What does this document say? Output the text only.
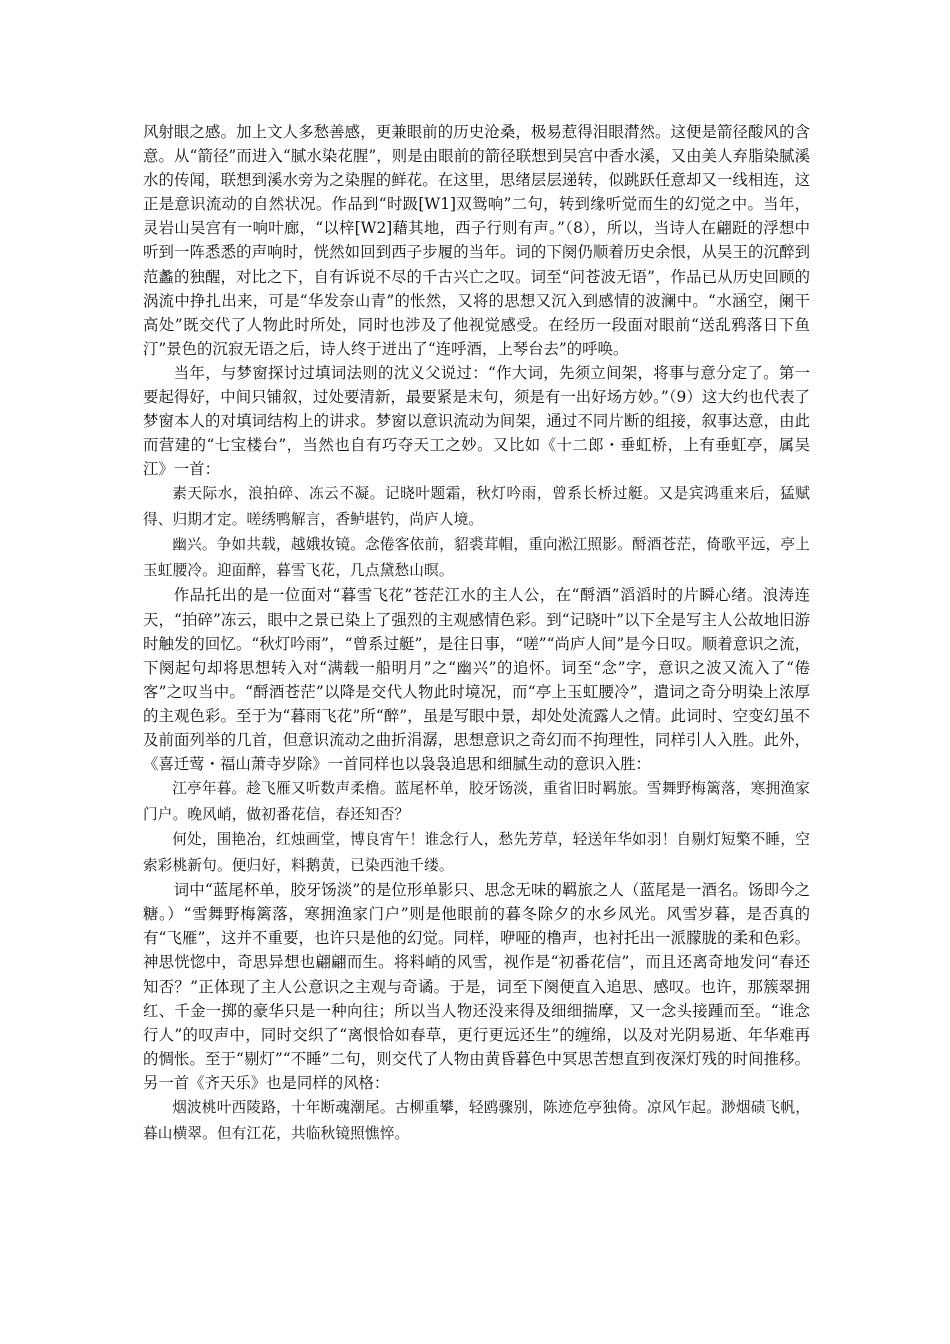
风射眼之感。加上文人多愁善感，更兼眼前的历史沧桑，极易惹得泪眼潸然。这便是箭径酸风的含意。从“箭径”而进入“腻水染花腥”，则是由眼前的箭径联想到吴宫中香水溪，又由美人弃脂染腻溪水的传闻，联想到溪水旁为之染腥的鲜花。在这里，思绪层层递转，似跳跃任意却又一线相连，这正是意识流动的自然状况。作品到“时趿[W1]双鸳响”二句，转到缘听觉而生的幻觉之中。当年，灵岩山吴宫有一响叶廊，“以梓[W2]藉其地，西子行则有声。”（8），所以，当诗人在翩跹的浮想中听到一阵悉悉的声响时，恍然如回到西子步履的当年。词的下阕仍顺着历史余恨，从吴王的沉醉到范蠡的独醒，对比之下，自有诉说不尽的千古兴亡之叹。词至“问苍波无语”，作品已从历史回顾的涡流中挣扎出来，可是“华发奈山青”的怅然，又将的思想又沉入到感情的波澜中。“水涵空，阑干高处”既交代了人物此时所处，同时也涉及了他视觉感受。在经历一段面对眼前“送乱鸦落日下鱼汀”景色的沉寂无语之后，诗人终于迸出了“连呼酒，上琴台去”的呼唤。

当年，与梦窗探讨过填词法则的沈义父说过：“作大词，先须立间架，将事与意分定了。第一要起得好，中间只铺叙，过处要清新，最要紧是末句，须是有一出好场方妙。”（9）这大约也代表了梦窗本人的对填词结构上的讲求。梦窗以意识流动为间架，通过不同片断的组接，叙事达意，由此而营建的“七宝楼台”，当然也自有巧夺天工之妙。又比如《十二郎・垂虹桥，上有垂虹亭，属吴江》一首：

素天际水，浪拍碎、冻云不凝。记晓叶题霜，秋灯吟雨，曾系长桥过艇。又是宾鸿重来后，猛赋得、归期才定。嗟绣鸭解言，香鲈堪钓，尚庐人境。

幽兴。争如共载，越娥妆镜。念倦客依前，貂裘茸帽，重向淞江照影。酹酒苍茫，倚歌平远，亭上玉虹腰冷。迎面醉，暮雪飞花，几点黛愁山暝。

作品托出的是一位面对“暮雪飞花”苍茫江水的主人公，在“酹酒”滔滔时的片瞬心绪。浪涛连天，“拍碎”冻云，眼中之景已染上了强烈的主观感情色彩。到“记晓叶”以下全是写主人公故地旧游时触发的回忆。“秋灯吟雨”，“曾系过艇”，是往日事，“嗟”“尚庐人间”是今日叹。顺着意识之流，下阕起句却将思想转入对“满载一船明月”之“幽兴”的追怀。词至“念”字，意识之波又流入了“倦客”之叹当中。“酹酒苍茫”以降是交代人物此时境况，而“亭上玉虹腰冷”，遣词之奇分明染上浓厚的主观色彩。至于为“暮雨飞花”所“醉”，虽是写眼中景，却处处流露人之情。此词时、空变幻虽不及前面列举的几首，但意识流动之曲折涓潺，思想意识之奇幻而不拘理性，同样引人入胜。此外，《喜迁莺・福山萧寺岁除》一首同样也以袅袅追思和细腻生动的意识入胜：

江亭年暮。趁飞雁又听数声柔橹。蓝尾杯单，胶牙饧淡，重省旧时羁旅。雪舞野梅篱落，寒拥渔家门户。晚风峭，做初番花信，春还知否？

何处，围艳冶，红烛画堂，博良宵午！谁念行人，愁先芳草，轻送年华如羽！自剔灯短檠不睡，空索彩桃新句。便归好，料鹅黄，已染西池千缕。

词中“蓝尾杯单，胶牙饧淡”的是位形单影只、思念无味的羁旅之人（蓝尾是一酒名。饧即今之糖。）“雪舞野梅篱落，寒拥渔家门户”则是他眼前的暮冬除夕的水乡风光。风雪岁暮，是否真的有“飞雁”，这并不重要，也许只是他的幻觉。同样，咿哑的橹声，也衬托出一派朦胧的柔和色彩。神思恍惚中，奇思异想也翩翩而生。将料峭的风雪，视作是“初番花信”，而且还离奇地发问“春还知否？”正体现了主人公意识之主观与奇谲。于是，词至下阕便直入追思、感叹。也许，那簇翠拥红、千金一掷的豪华只是一种向往；所以当人物还没来得及细细揣摩，又一念头接踵而至。“谁念行人”的叹声中，同时交织了“离恨恰如春草，更行更远还生”的缠绵，以及对光阴易逝、年华难再的惆怅。至于“剔灯”“不睡”二句，则交代了人物由黄昏暮色中冥思苦想直到夜深灯残的时间推移。另一首《齐天乐》也是同样的风格：

烟波桃叶西陵路，十年断魂潮尾。古柳重攀，轻鸥骤别，陈迹危亭独倚。凉风乍起。渺烟碛飞帆，暮山横翠。但有江花，共临秋镜照憔悴。
